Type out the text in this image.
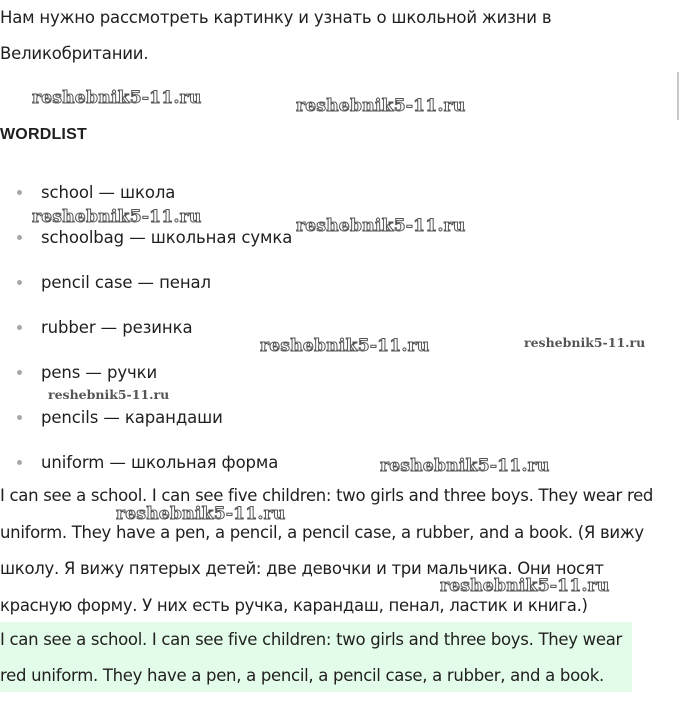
Нам нужно рассмотреть картинку и узнать о школьной жизни в Великобритании.

WORDLIST
school — школа
schoolbag — школьная сумка
pencil case — пенал
rubber — резинка
pens — ручки
pencils — карандаши
uniform — школьная форма

I can see a school. I can see five children: two girls and three boys. They wear red uniform. They have a pen, a pencil, a pencil case, a rubber, and a book. (Я вижу школу. Я вижу пятерых детей: две девочки и три мальчика. Они носят красную форму. У них есть ручка, карандаш, пенал, ластик и книга.)

I can see a school. I can see five children: two girls and three boys. They wear red uniform. They have a pen, a pencil, a pencil case, a rubber, and a book.

reshebnik5-11.ru	reshebnik5-11.ru
reshebnik5-11.ru	reshebnik5-11.ru
reshebnik5-11.ru	reshebnik5-11.ru
reshebnik5-11.ru
reshebnik5-11.ru
reshebnik5-11.ru
reshebnik5-11.ru
